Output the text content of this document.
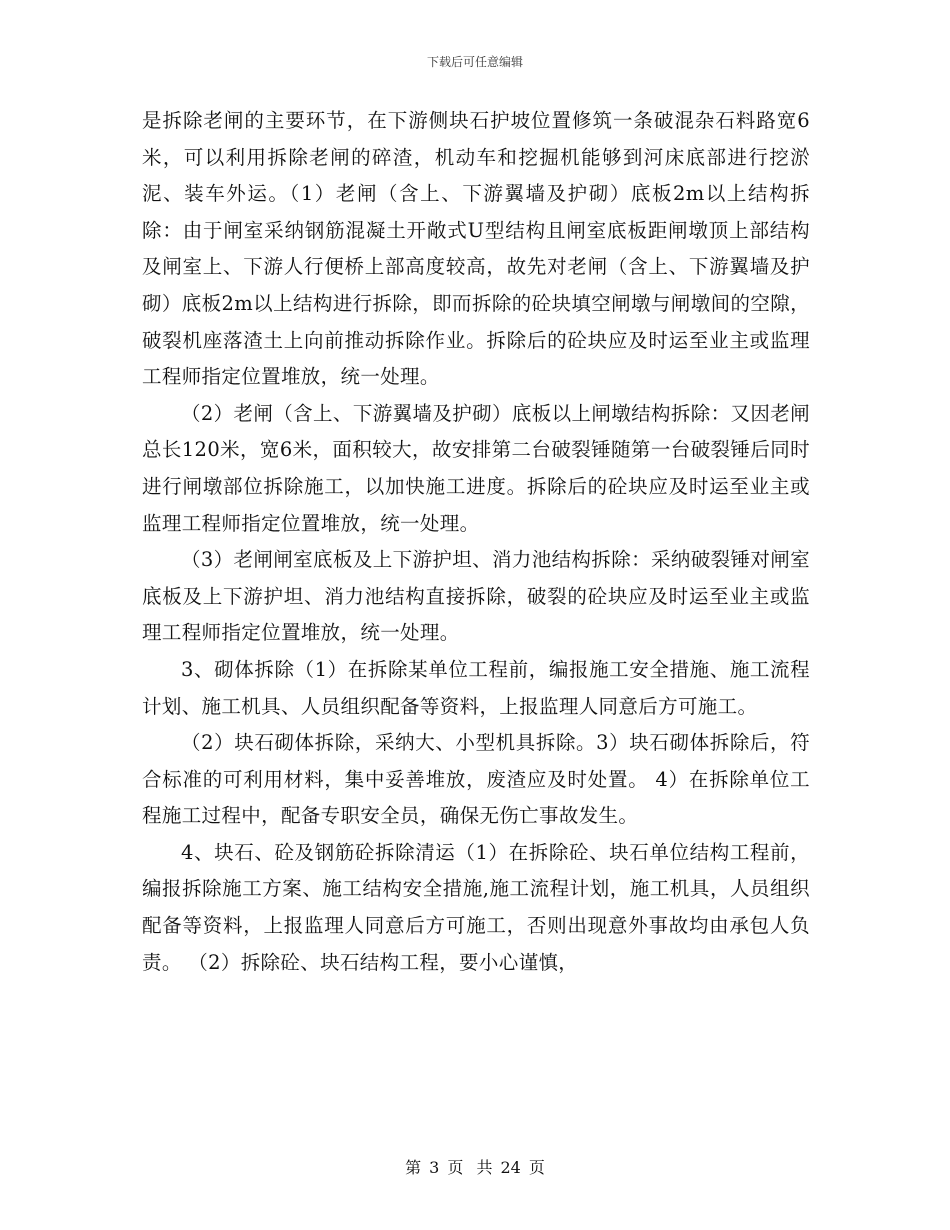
下载后可任意编辑

是拆除老闸的主要环节，在下游侧块石护坡位置修筑一条破混杂石料路宽6米，可以利用拆除老闸的碎渣，机动车和挖掘机能够到河床底部进行挖淤泥、装车外运。（1）老闸（含上、下游翼墙及护砌）底板2m以上结构拆除：由于闸室采纳钢筋混凝土开敞式U型结构且闸室底板距闸墩顶上部结构及闸室上、下游人行便桥上部高度较高，故先对老闸（含上、下游翼墙及护砌）底板2m以上结构进行拆除，即而拆除的砼块填空闸墩与闸墩间的空隙，破裂机座落渣土上向前推动拆除作业。拆除后的砼块应及时运至业主或监理工程师指定位置堆放，统一处理。

（2）老闸（含上、下游翼墙及护砌）底板以上闸墩结构拆除：又因老闸总长120米，宽6米，面积较大，故安排第二台破裂锤随第一台破裂锤后同时进行闸墩部位拆除施工，以加快施工进度。拆除后的砼块应及时运至业主或监理工程师指定位置堆放，统一处理。

（3）老闸闸室底板及上下游护坦、消力池结构拆除：采纳破裂锤对闸室底板及上下游护坦、消力池结构直接拆除，破裂的砼块应及时运至业主或监理工程师指定位置堆放，统一处理。

3、砌体拆除（1）在拆除某单位工程前，编报施工安全措施、施工流程计划、施工机具、人员组织配备等资料，上报监理人同意后方可施工。

（2）块石砌体拆除，采纳大、小型机具拆除。3）块石砌体拆除后，符合标准的可利用材料，集中妥善堆放，废渣应及时处置。 4）在拆除单位工程施工过程中，配备专职安全员，确保无伤亡事故发生。

4、块石、砼及钢筋砼拆除清运（1）在拆除砼、块石单位结构工程前，编报拆除施工方案、施工结构安全措施,施工流程计划，施工机具，人员组织配备等资料，上报监理人同意后方可施工，否则出现意外事故均由承包人负责。 （2）拆除砼、块石结构工程，要小心谨慎，

第 3 页 共 24 页
